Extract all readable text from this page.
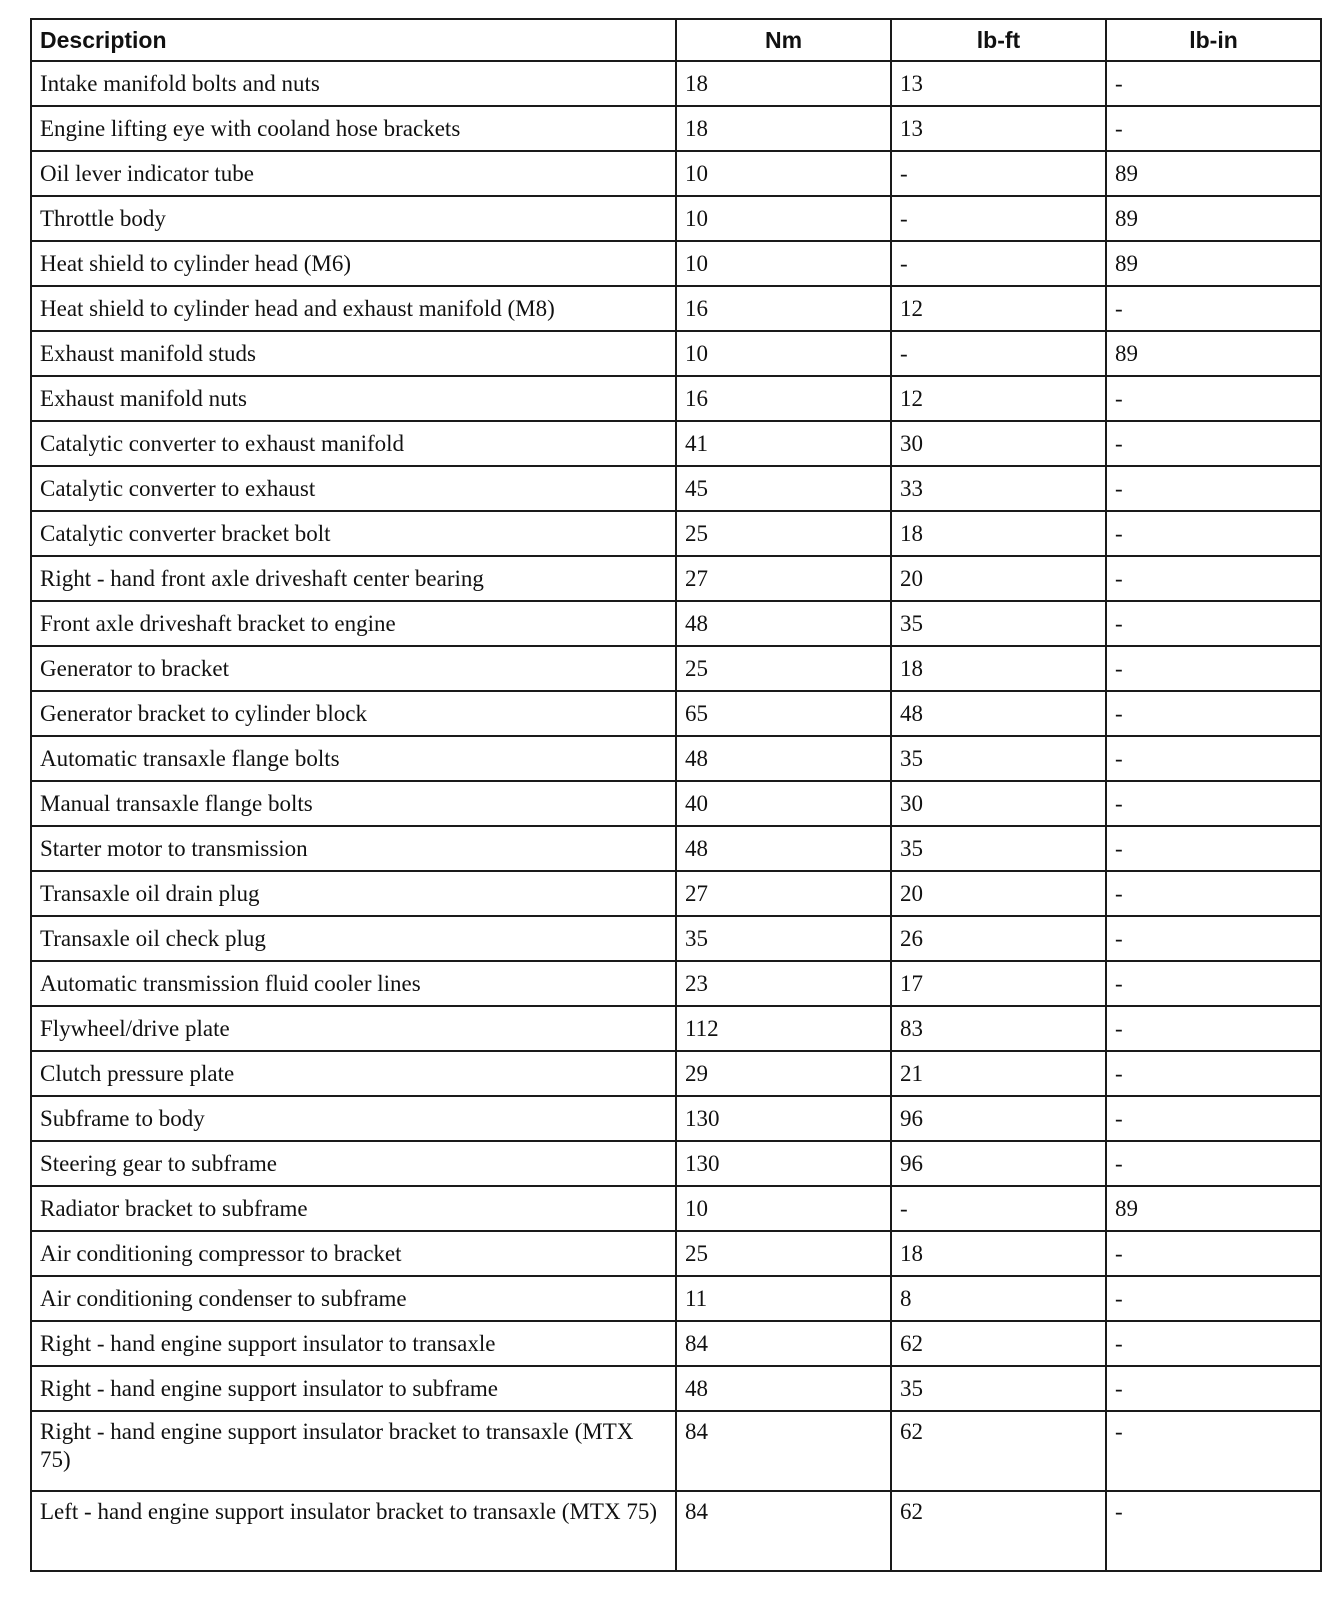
Description	Nm	lb-ft	lb-in
Intake manifold bolts and nuts	18	13	-
Engine lifting eye with cooland hose brackets	18	13	-
Oil lever indicator tube	10	-	89
Throttle body	10	-	89
Heat shield to cylinder head (M6)	10	-	89
Heat shield to cylinder head and exhaust manifold (M8)	16	12	-
Exhaust manifold studs	10	-	89
Exhaust manifold nuts	16	12	-
Catalytic converter to exhaust manifold	41	30	-
Catalytic converter to exhaust	45	33	-
Catalytic converter bracket bolt	25	18	-
Right - hand front axle driveshaft center bearing	27	20	-
Front axle driveshaft bracket to engine	48	35	-
Generator to bracket	25	18	-
Generator bracket to cylinder block	65	48	-
Automatic transaxle flange bolts	48	35	-
Manual transaxle flange bolts	40	30	-
Starter motor to transmission	48	35	-
Transaxle oil drain plug	27	20	-
Transaxle oil check plug	35	26	-
Automatic transmission fluid cooler lines	23	17	-
Flywheel/drive plate	112	83	-
Clutch pressure plate	29	21	-
Subframe to body	130	96	-
Steering gear to subframe	130	96	-
Radiator bracket to subframe	10	-	89
Air conditioning compressor to bracket	25	18	-
Air conditioning condenser to subframe	11	8	-
Right - hand engine support insulator to transaxle	84	62	-
Right - hand engine support insulator to subframe	48	35	-
Right - hand engine support insulator bracket to transaxle (MTX 75)	84	62	-
Left - hand engine support insulator bracket to transaxle (MTX 75)	84	62	-
